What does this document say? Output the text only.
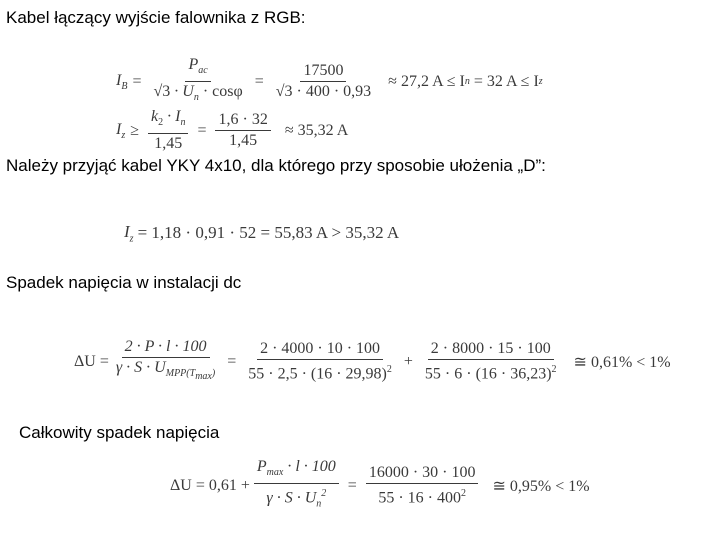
Kabel łączący wyjście falownika z RGB:
Należy przyjąć kabel YKY 4x10, dla którego przy sposobie ułożenia „D”:
Spadek napięcia w instalacji dc
Całkowity spadek napięcia
$I_B = \frac{P_{ac}}{√3 \cdot U_n \cdot \cos\varphi} = \frac{17500}{√3 \cdot 400 \cdot 0,93} \approx 27,2$ A ≤ I n = 32 A ≤ I z
$I_z \ge \frac{k_2 \cdot I_n}{1,45} = \frac{1,6 \cdot 32}{1,45} \approx 35,32$ A
$I_z = 1,18 \cdot 0,91 \cdot 52 = 55,83$ A > 35,32 A
$\Delta U = \frac{2 \cdot P \cdot l \cdot 100}{\gamma \cdot S \cdot U_{MPP(T_{max})}} = \frac{2 \cdot 4000 \cdot 10 \cdot 100}{55 \cdot 2,5 \cdot (16 \cdot 29,98)^2} + \frac{2 \cdot 8000 \cdot 15 \cdot 100}{55 \cdot 6 \cdot (16 \cdot 36,23)^2}$ ≅ 0,61% < 1%
$\Delta U = 0,61 + \frac{P_{max} \cdot l \cdot 100}{\gamma \cdot S \cdot U_n^2} = \frac{16000 \cdot 30 \cdot 100}{55 \cdot 16 \cdot 400^2}$ ≅ 0,95% < 1%
